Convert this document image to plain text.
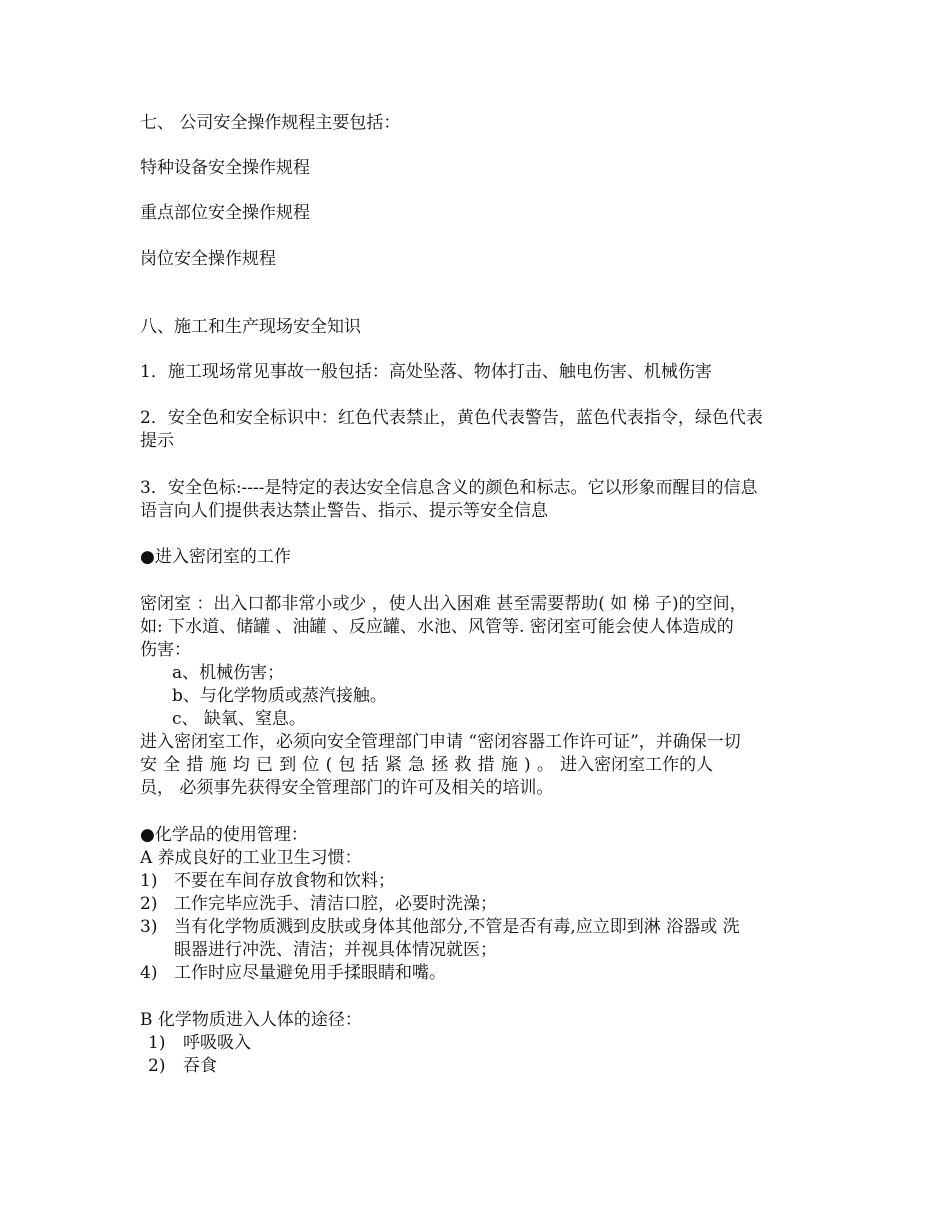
七、 公司安全操作规程主要包括：
特种设备安全操作规程
重点部位安全操作规程
岗位安全操作规程
八、施工和生产现场安全知识
1．施工现场常见事故一般包括：高处坠落、物体打击、触电伤害、机械伤害
2．安全色和安全标识中：红色代表禁止，黄色代表警告，蓝色代表指令，绿色代表
提示
3．安全色标:----是特定的表达安全信息含义的颜色和标志。它以形象而醒目的信息
语言向人们提供表达禁止警告、指示、提示等安全信息
●进入密闭室的工作
密闭室 ：出入口都非常小或少 ，使人出入困难 甚至需要帮助( 如 梯 子)的空间，
如: 下水道、储罐 、油罐 、反应罐、水池、风管等. 密闭室可能会使人体造成的
伤害：
a、机械伤害；
b、与化学物质或蒸汽接触。
c、 缺氧、窒息。
进入密闭室工作，必须向安全管理部门申请 “密闭容器工作许可证”，并确保一切
安全措施均已到位(包括紧急拯救措施)。进入密闭室工作的人
员， 必须事先获得安全管理部门的许可及相关的培训。
●化学品的使用管理：
A 养成良好的工业卫生习惯：
1) 不要在车间存放食物和饮料；
2) 工作完毕应洗手、清洁口腔，必要时洗澡；
3) 当有化学物质溅到皮肤或身体其他部分,不管是否有毒,应立即到淋 浴器或 洗
眼器进行冲洗、清洁；并视具体情况就医；
4) 工作时应尽量避免用手揉眼睛和嘴。
B 化学物质进入人体的途径：
1) 呼吸吸入
2) 吞食
